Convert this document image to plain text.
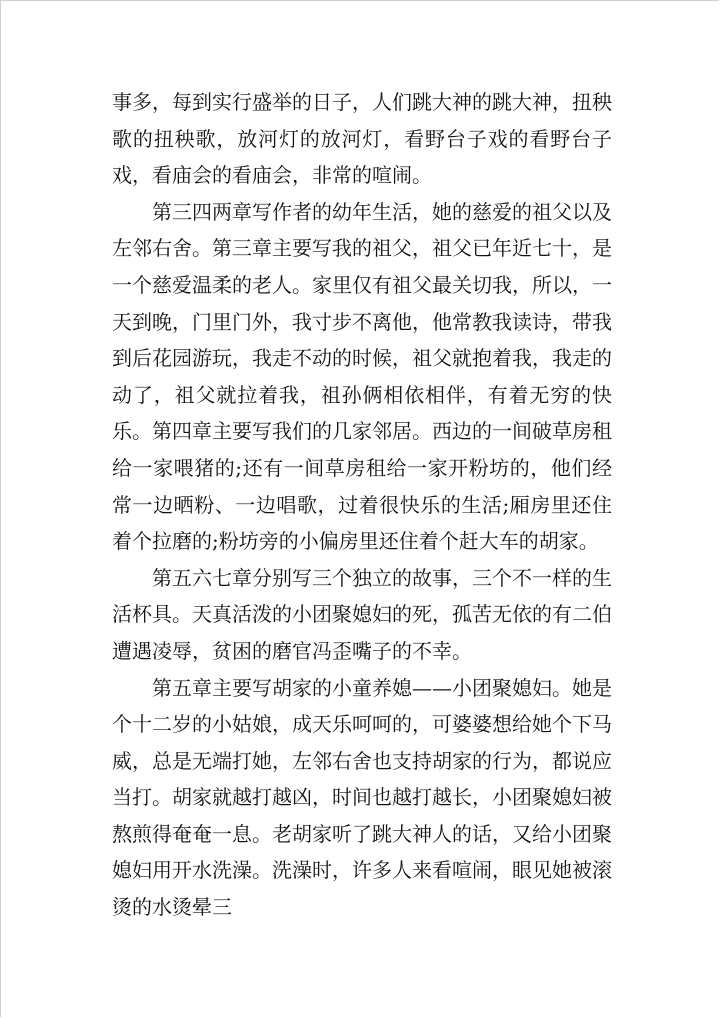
事多，每到实行盛举的日子，人们跳大神的跳大神，扭秧歌的扭秧歌，放河灯的放河灯，看野台子戏的看野台子戏，看庙会的看庙会，非常的喧闹。

第三四两章写作者的幼年生活，她的慈爱的祖父以及左邻右舍。第三章主要写我的祖父，祖父已年近七十，是一个慈爱温柔的老人。家里仅有祖父最关切我，所以，一天到晚，门里门外，我寸步不离他，他常教我读诗，带我到后花园游玩，我走不动的时候，祖父就抱着我，我走的动了，祖父就拉着我，祖孙俩相依相伴，有着无穷的快乐。第四章主要写我们的几家邻居。西边的一间破草房租给一家喂猪的;还有一间草房租给一家开粉坊的，他们经常一边晒粉、一边唱歌，过着很快乐的生活;厢房里还住着个拉磨的;粉坊旁的小偏房里还住着个赶大车的胡家。

第五六七章分别写三个独立的故事，三个不一样的生活杯具。天真活泼的小团聚媳妇的死，孤苦无依的有二伯遭遇凌辱，贫困的磨官冯歪嘴子的不幸。

第五章主要写胡家的小童养媳——小团聚媳妇。她是个十二岁的小姑娘，成天乐呵呵的，可婆婆想给她个下马威，总是无端打她，左邻右舍也支持胡家的行为，都说应当打。胡家就越打越凶，时间也越打越长，小团聚媳妇被熬煎得奄奄一息。老胡家听了跳大神人的话，又给小团聚媳妇用开水洗澡。洗澡时，许多人来看喧闹，眼见她被滚烫的水烫晕三
